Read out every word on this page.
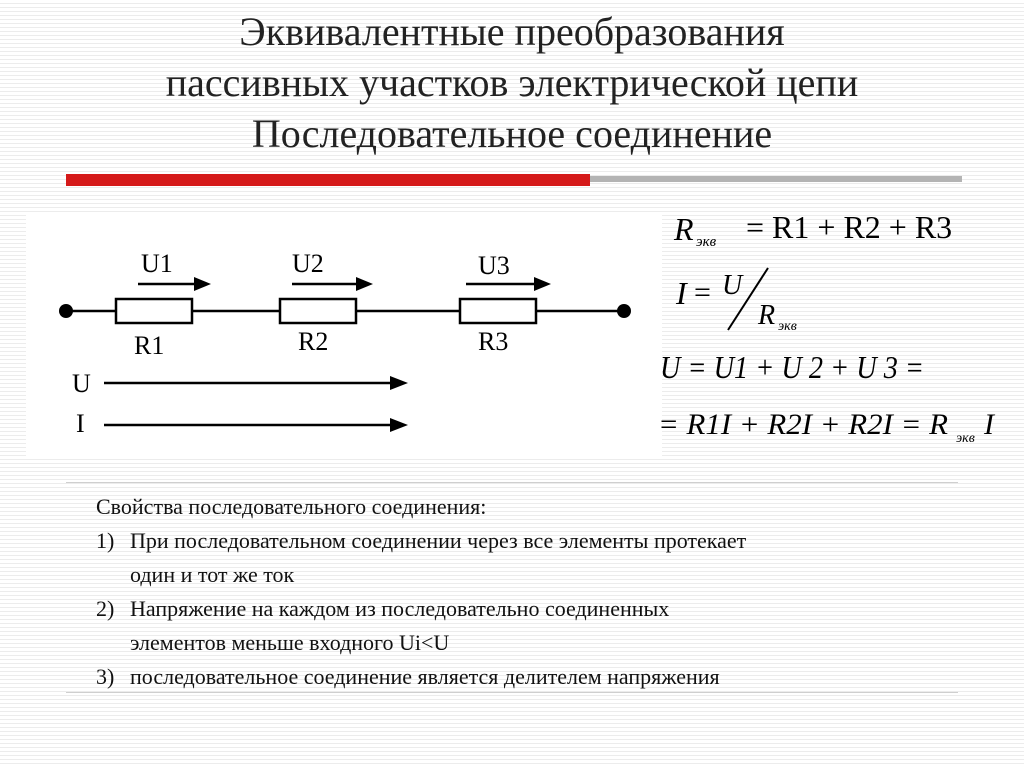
Эквивалентные преобразования
пассивных участков электрической цепи
Последовательное соединение
U1	U2	U3
R1	R2	R3
U
I
R экв = R1 + R2 + R3
I = U
R экв
U = U1 + U 2 + U 3 =
= R1I + R2I + R2I = R экв I
Свойства последовательного соединения:
1) При последовательном соединении через все элементы протекает
один и тот же ток
2) Напряжение на каждом из последовательно соединенных
элементов меньше входного Ui<U
3) последовательное соединение является делителем напряжения
